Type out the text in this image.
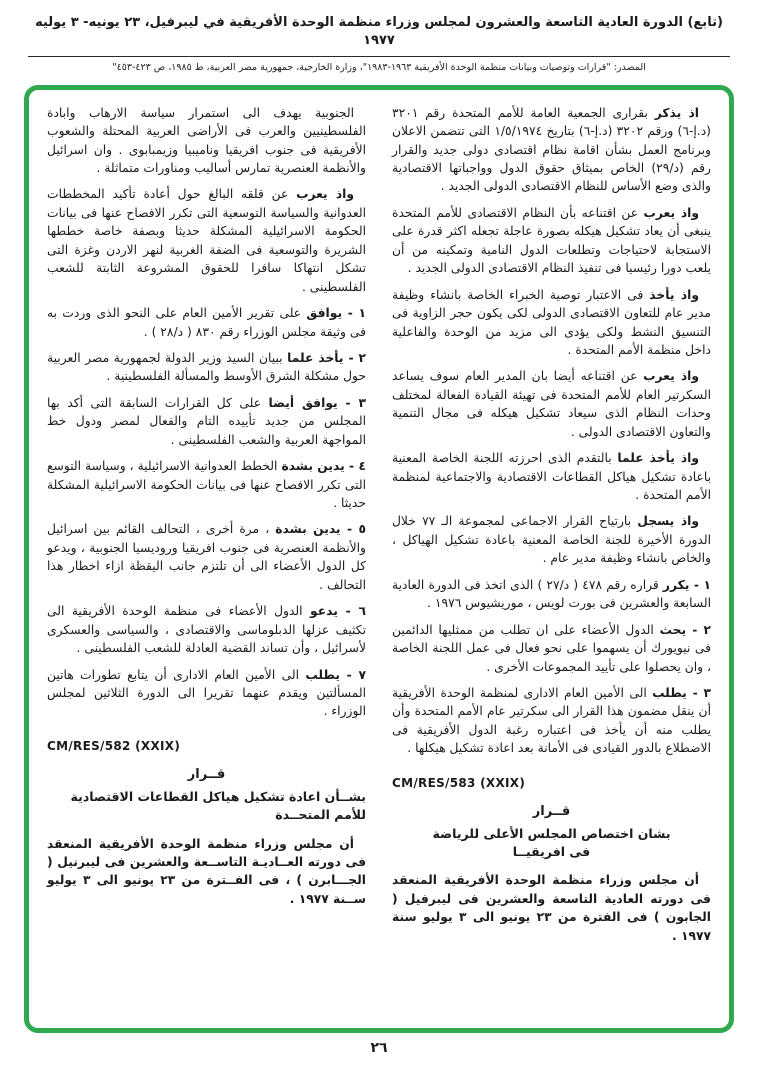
(تابع) الدورة العادية التاسعة والعشرون لمجلس وزراء منظمة الوحدة الأفريقية في ليبرفيل، ٢٣ يونيه- ٣ يوليه ١٩٧٧
المصدر: "قرارات وتوصيات وبيانات منظمة الوحدة الأفريقية ١٩٦٣-١٩٨٣"، وزارة الخارجية، جمهورية مصر العربية، ط ١٩٨٥، ص ٤٢٣-٤٥٣"

اذ يذكر بقرارى الجمعية العامة للأمم المتحدة رقم ٣٢٠١ (د.إ-٦) ورقم ٣٢٠٢ (د.إ-٦) بتاريخ ١/٥/١٩٧٤ التى تتضمن الاعلان وبرنامج العمل بشأن اقامة نظام اقتصادى دولى جديد والقرار رقم (د/٢٩) الخاص بميثاق حقوق الدول وواجباتها الاقتصادية والذى وضع الأساس للنظام الاقتصادى الدولى الجديد .

واذ يعرب عن اقتناعه بأن النظام الاقتصادى للأمم المتحدة ينبغى أن يعاد تشكيل هيكله بصورة عاجلة تجعله اكثر قدرة على الاستجابة لاحتياجات وتطلعات الدول النامية وتمكينه من أن يلعب دورا رئيسيا فى تنفيذ النظام الاقتصادى الدولى الجديد .

واذ يأخذ فى الاعتبار توصية الخبراء الخاصة بانشاء وظيفة مدير عام للتعاون الاقتصادى الدولى لكى يكون حجر الزاوية فى التنسيق النشط ولكى يؤدى الى مزيد من الوحدة والفاعلية داخل منظمة الأمم المتحدة .

واذ يعرب عن اقتناعه أيضا بان المدير العام سوف يساعد السكرتير العام للأمم المتحدة فى تهيئة القيادة الفعالة لمختلف وحدات النظام الذى سيعاد تشكيل هيكله فى مجال التنمية والتعاون الاقتصادى الدولى .

واذ يأخذ علما بالتقدم الذى احرزته اللجنة الخاصة المعنية باعادة تشكيل هياكل القطاعات الاقتصادية والاجتماعية لمنظمة الأمم المتحدة .

واذ يسجل بارتياح القرار الاجماعى لمجموعة الـ ٧٧ خلال الدورة الأخيرة للجنة الخاصة المعنية باعادة تشكيل الهياكل ، والخاص بانشاء وظيفة مدير عام .

١ - يكرر قراره رقم ٤٧٨ ( د/٢٧ ) الذى اتخذ فى الدورة العادية السابعة والعشرين فى بورت لويس ، موريشيوس ١٩٧٦ .

٢ - يحث الدول الأعضاء على ان تطلب من ممثليها الدائمين فى نيويورك أن يسهموا على نحو فعال فى عمل اللجنة الخاصة ، وان يحصلوا على تأييد المجموعات الأخرى .

٣ - يطلب الى الأمين العام الادارى لمنظمة الوحدة الأفريقية أن ينقل مضمون هذا القرار الى سكرتير عام الأمم المتحدة وأن يطلب منه أن يأخذ فى اعتباره رغبة الدول الأفريقية فى الاضطلاع بالدور القيادى فى الأمانة بعد اعادة تشكيل هيكلها .

CM/RES/583 (XXIX)
قــرار
بشان اختصاص المجلس الأعلى للرياضة
فى افريقيــا

أن مجلس وزراء منظمة الوحدة الأفريقية المنعقد فى دورته العادية التاسعة والعشرين فى ليبرفيل ( الجابون ) فى الفترة من ٢٣ يونيو الى ٣ يوليو سنة ١٩٧٧ .

الجنوبية يهدف الى استمرار سياسة الارهاب وابادة الفلسطينيين والعرب فى الأراضى العربية المحتلة والشعوب الأفريقية فى جنوب افريقيا وناميبيا وزيمبابوى . وان اسرائيل والأنظمة العنصرية تمارس أساليب ومناورات متماثلة .

واذ يعرب عن قلقه البالغ حول أعادة تأكيد المخططات العدوانية والسياسة التوسعية التى تكرر الافصاح عنها فى بيانات الحكومة الاسرائيلية المشكلة حديثا وبصفة خاصة خططها الشريرة والتوسعية فى الضفة الغربية لنهر الاردن وغزة التى تشكل انتهاكا سافرا للحقوق المشروعة الثابتة للشعب الفلسطينى .

١ - يوافق على تقرير الأمين العام على النحو الذى وردت به فى وثيقة مجلس الوزراء رقم ٨٣٠ ( د/٢٨ ) .

٢ - يأخذ علما ببيان السيد وزير الدولة لجمهورية مصر العربية حول مشكلة الشرق الأوسط والمسألة الفلسطينية .

٣ - يوافق أيضا على كل القرارات السابقة التى أكد بها المجلس من جديد تأييده التام والفعال لمصر ودول خط المواجهة العربية والشعب الفلسطينى .

٤ - يدين بشدة الخطط العدوانية الاسرائيلية ، وسياسة التوسع التى تكرر الافصاح عنها فى بيانات الحكومة الاسرائيلية المشكلة حديثا .

٥ - يدين بشدة ، مرة أخرى ، التحالف القائم بين اسرائيل والأنظمة العنصرية فى جنوب افريقيا وروديسيا الجنوبية ، ويدعو كل الدول الأعضاء الى أن تلتزم جانب اليقظة ازاء اخطار هذا التحالف .

٦ - يدعو الدول الأعضاء فى منظمة الوحدة الأفريقية الى تكثيف عزلها الدبلوماسى والاقتصادى ، والسياسى والعسكرى لأسرائيل ، وأن تساند القضية العادلة للشعب الفلسطينى .

٧ - يطلب الى الأمين العام الادارى أن يتابع تطورات هاتين المسألتين ويقدم عنهما تقريرا الى الدورة الثلاثين لمجلس الوزراء .

CM/RES/582 (XXIX)
قــرار
بشــأن اعادة تشكيل هياكل القطاعات الاقتصادية
للأمم المتحــدة

أن مجلس وزراء منظمة الوحدة الأفريقية المنعقد فى دورته العــاديـة التاســعة والعشرين فى ليبرنيل ( الجـــابرن ) ، فى الفــترة من ٢٣ يونيو الى ٣ يوليو ســنة ١٩٧٧ .

٢٦
